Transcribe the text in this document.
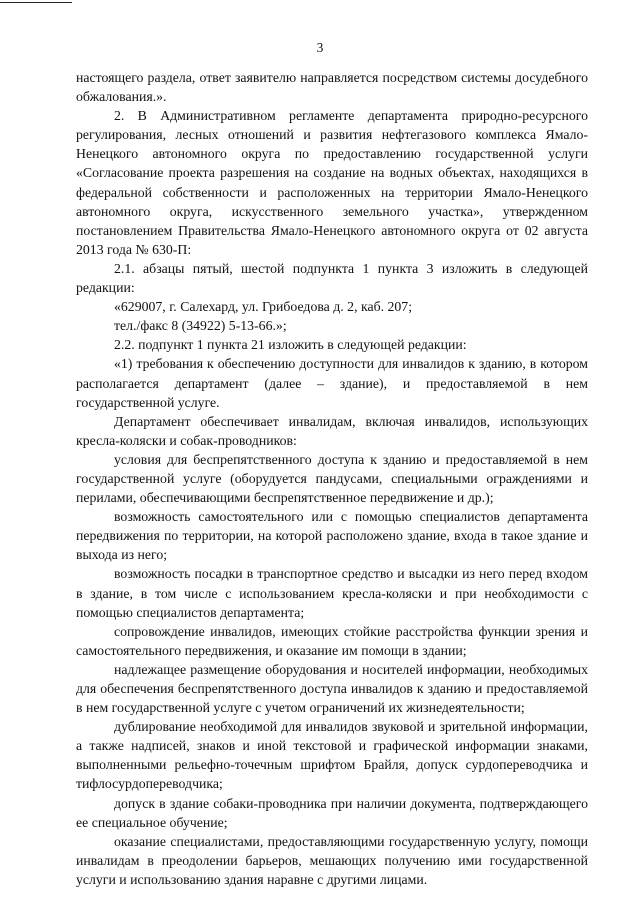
3

настоящего раздела, ответ заявителю направляется посредством системы досудебного обжалования.».

2. В Административном регламенте департамента природно-ресурсного регулирования, лесных отношений и развития нефтегазового комплекса Ямало-Ненецкого автономного округа по предоставлению государственной услуги «Согласование проекта разрешения на создание на водных объектах, находящихся в федеральной собственности и расположенных на территории Ямало-Ненецкого автономного округа, искусственного земельного участка», утвержденном постановлением Правительства Ямало-Ненецкого автономного округа от 02 августа 2013 года № 630-П:

2.1. абзацы пятый, шестой подпункта 1 пункта 3 изложить в следующей редакции:

«629007, г. Салехард, ул. Грибоедова д. 2, каб. 207;

тел./факс 8 (34922) 5-13-66.»;

2.2. подпункт 1 пункта 21 изложить в следующей редакции:

«1) требования к обеспечению доступности для инвалидов к зданию, в котором располагается департамент (далее – здание), и предоставляемой в нем государственной услуге.

Департамент обеспечивает инвалидам, включая инвалидов, использующих кресла-коляски и собак-проводников:

условия для беспрепятственного доступа к зданию и предоставляемой в нем государственной услуге (оборудуется пандусами, специальными ограждениями и перилами, обеспечивающими беспрепятственное передвижение и др.);

возможность самостоятельного или с помощью специалистов департамента передвижения по территории, на которой расположено здание, входа в такое здание и выхода из него;

возможность посадки в транспортное средство и высадки из него перед входом в здание, в том числе с использованием кресла-коляски и при необходимости с помощью специалистов департамента;

сопровождение инвалидов, имеющих стойкие расстройства функции зрения и самостоятельного передвижения, и оказание им помощи в здании;

надлежащее размещение оборудования и носителей информации, необходимых для обеспечения беспрепятственного доступа инвалидов к зданию и предоставляемой в нем государственной услуге с учетом ограничений их жизнедеятельности;

дублирование необходимой для инвалидов звуковой и зрительной информации, а также надписей, знаков и иной текстовой и графической информации знаками, выполненными рельефно-точечным шрифтом Брайля, допуск сурдопереводчика и тифлосурдопереводчика;

допуск в здание собаки-проводника при наличии документа, подтверждающего ее специальное обучение;

оказание специалистами, предоставляющими государственную услугу, помощи инвалидам в преодолении барьеров, мешающих получению ими государственной услуги и использованию здания наравне с другими лицами.
